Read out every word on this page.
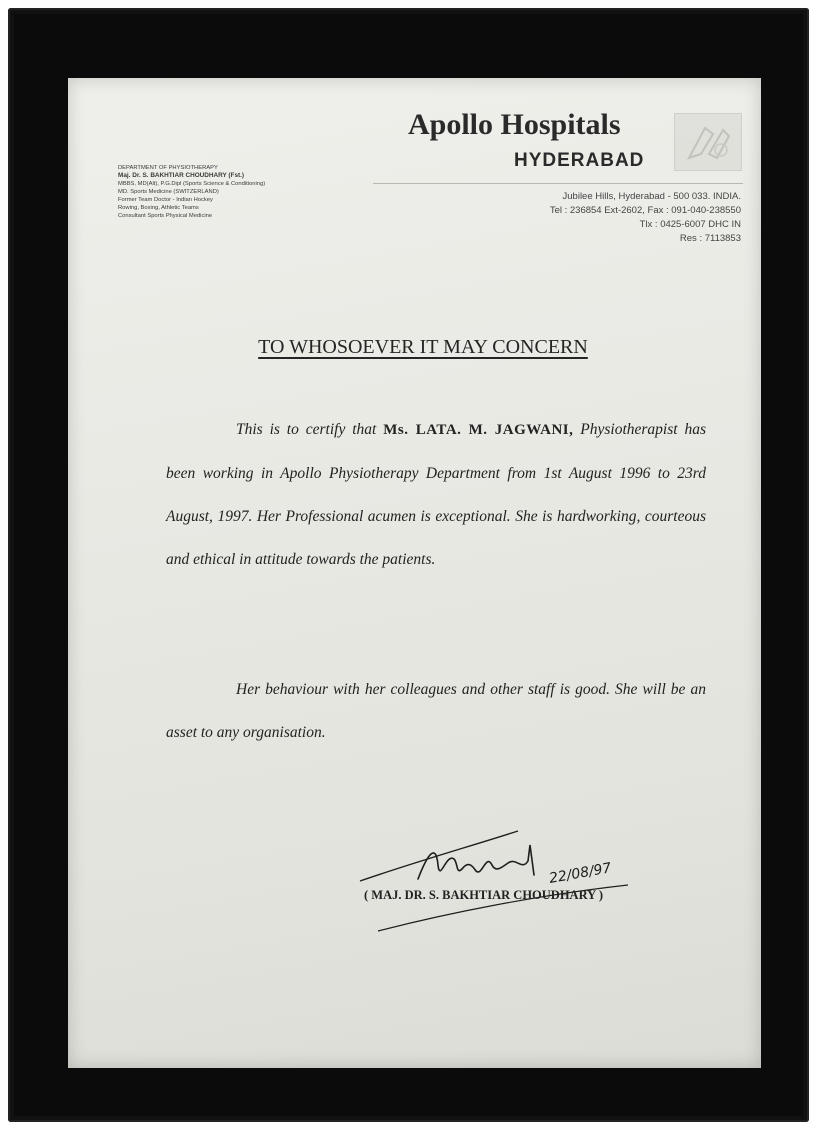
DEPARTMENT OF PHYSIOTHERAPY
Maj. Dr. S. BAKHTIAR CHOUDHARY (Fst.)
MBBS, MD(Alt), P.G.Dipl (Sports Science & Conditioning)
MD. Sports Medicine (SWITZERLAND)
Former Team Doctor - Indian Hockey
Rowing, Boxing, Athletic Teams
Consultant Sports Physical Medicine
Apollo Hospitals
HYDERABAD
Jubilee Hills, Hyderabad - 500 033. INDIA.
Tel : 236854 Ext-2602, Fax : 091-040-238550
Tlx : 0425-6007 DHC IN
Res : 7113853
TO WHOSOEVER IT MAY CONCERN
This is to certify that Ms. LATA. M. JAGWANI, Physiotherapist has been working in Apollo Physiotherapy Department from 1st August 1996 to 23rd August, 1997. Her Professional acumen is exceptional. She is hardworking, courteous and ethical in attitude towards the patients.
Her behaviour with her colleagues and other staff is good. She will be an asset to any organisation.
22/08/97
( MAJ. DR. S. BAKHTIAR CHOUDHARY )
